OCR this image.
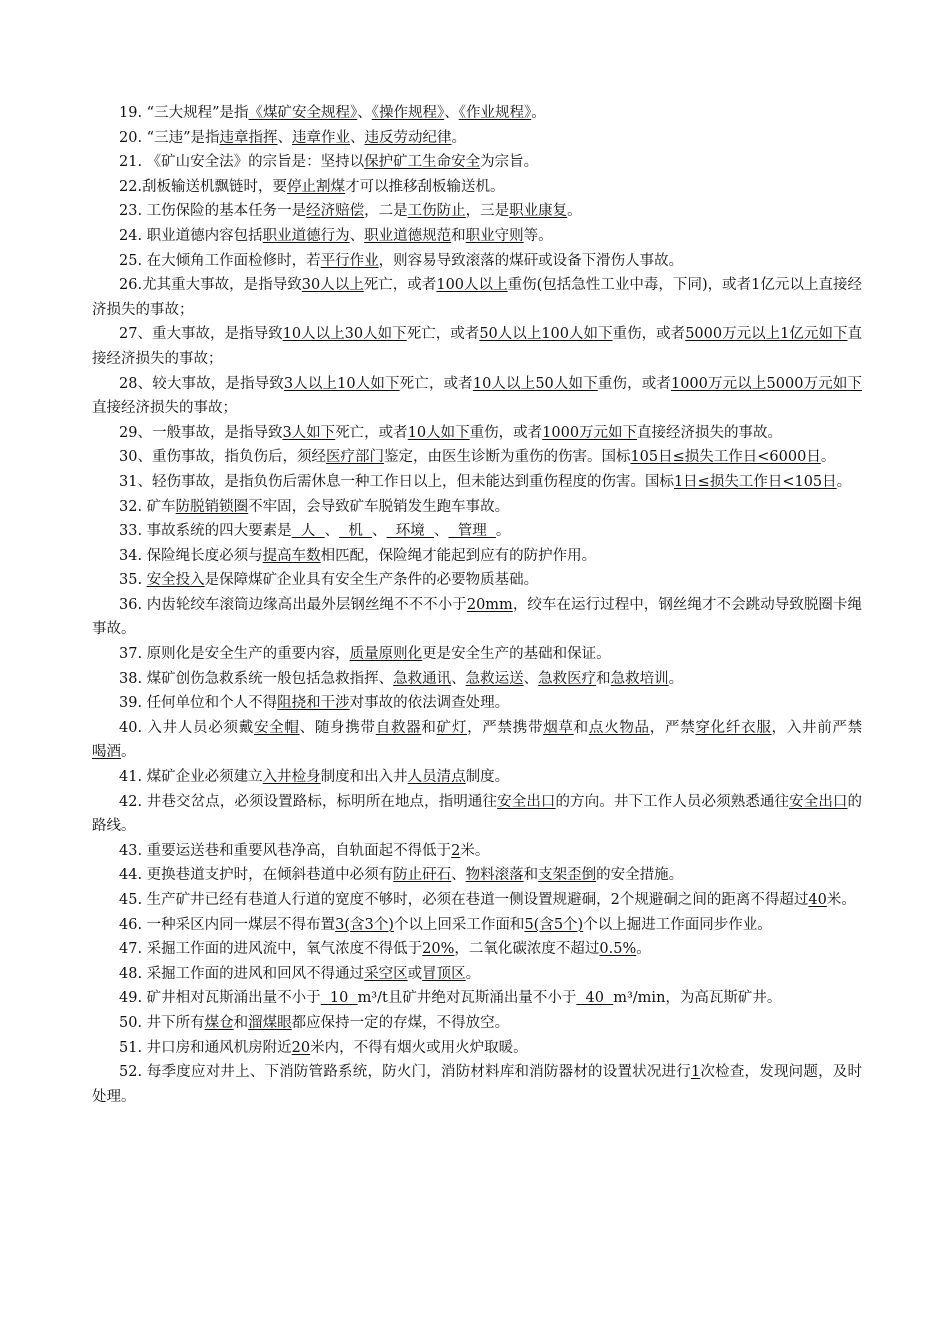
19. “三大规程”是指《煤矿安全规程》、《操作规程》、《作业规程》。

20. “三违”是指违章指挥、违章作业、违反劳动纪律。

21. 《矿山安全法》的宗旨是：坚持以保护矿工生命安全为宗旨。

22.刮板输送机飘链时，要停止割煤才可以推移刮板输送机。

23. 工伤保险的基本任务一是经济赔偿，二是工伤防止，三是职业康复。

24. 职业道德内容包括职业道德行为、职业道德规范和职业守则等。

25. 在大倾角工作面检修时，若平行作业，则容易导致滚落的煤矸或设备下滑伤人事故。

26.尤其重大事故，是指导致30人以上死亡，或者100人以上重伤(包括急性工业中毒，下同)，或者1亿元以上直接经济损失的事故；

27、重大事故，是指导致10人以上30人如下死亡，或者50人以上100人如下重伤，或者5000万元以上1亿元如下直接经济损失的事故；

28、较大事故，是指导致3人以上10人如下死亡，或者10人以上50人如下重伤，或者1000万元以上5000万元如下直接经济损失的事故；

29、一般事故，是指导致3人如下死亡，或者10人如下重伤，或者1000万元如下直接经济损失的事故。

30、重伤事故，指负伤后，须经医疗部门鉴定，由医生诊断为重伤的伤害。国标105日≤损失工作日<6000日。

31、轻伤事故，是指负伤后需休息一种工作日以上，但未能达到重伤程度的伤害。国标1日≤损失工作日<105日。

32. 矿车防脱销锁圈不牢固，会导致矿车脱销发生跑车事故。

33. 事故系统的四大要素是  人  、  机  、  环境  、  管理  。

34. 保险绳长度必须与提高车数相匹配，保险绳才能起到应有的防护作用。

35. 安全投入是保障煤矿企业具有安全生产条件的必要物质基础。

36. 内齿轮绞车滚筒边缘高出最外层钢丝绳不不不小于20mm，绞车在运行过程中，钢丝绳才不会跳动导致脱圈卡绳事故。

37. 原则化是安全生产的重要内容，质量原则化更是安全生产的基础和保证。

38. 煤矿创伤急救系统一般包括急救指挥、急救通讯、急救运送、急救医疗和急救培训。

39. 任何单位和个人不得阻挠和干涉对事故的依法调查处理。

40. 入井人员必须戴安全帽、随身携带自救器和矿灯，严禁携带烟草和点火物品，严禁穿化纤衣服，入井前严禁喝酒。

41. 煤矿企业必须建立入井检身制度和出入井人员清点制度。

42. 井巷交岔点，必须设置路标，标明所在地点，指明通往安全出口的方向。井下工作人员必须熟悉通往安全出口的路线。

43. 重要运送巷和重要风巷净高，自轨面起不得低于2米。

44. 更换巷道支护时，在倾斜巷道中必须有防止矸石、物料滚落和支架歪倒的安全措施。

45. 生产矿井已经有巷道人行道的宽度不够时，必须在巷道一侧设置规避硐，2个规避硐之间的距离不得超过40米。

46. 一种采区内同一煤层不得布置3(含3个)个以上回采工作面和5(含5个)个以上掘进工作面同步作业。

47. 采掘工作面的进风流中，氧气浓度不得低于20%，二氧化碳浓度不超过0.5%。

48. 采掘工作面的进风和回风不得通过采空区或冒顶区。

49. 矿井相对瓦斯涌出量不小于  10  m³/t且矿井绝对瓦斯涌出量不小于  40  m³/min，为高瓦斯矿井。

50. 井下所有煤仓和溜煤眼都应保持一定的存煤，不得放空。

51. 井口房和通风机房附近20米内，不得有烟火或用火炉取暖。

52. 每季度应对井上、下消防管路系统，防火门，消防材料库和消防器材的设置状况进行1次检查，发现问题，及时处理。
